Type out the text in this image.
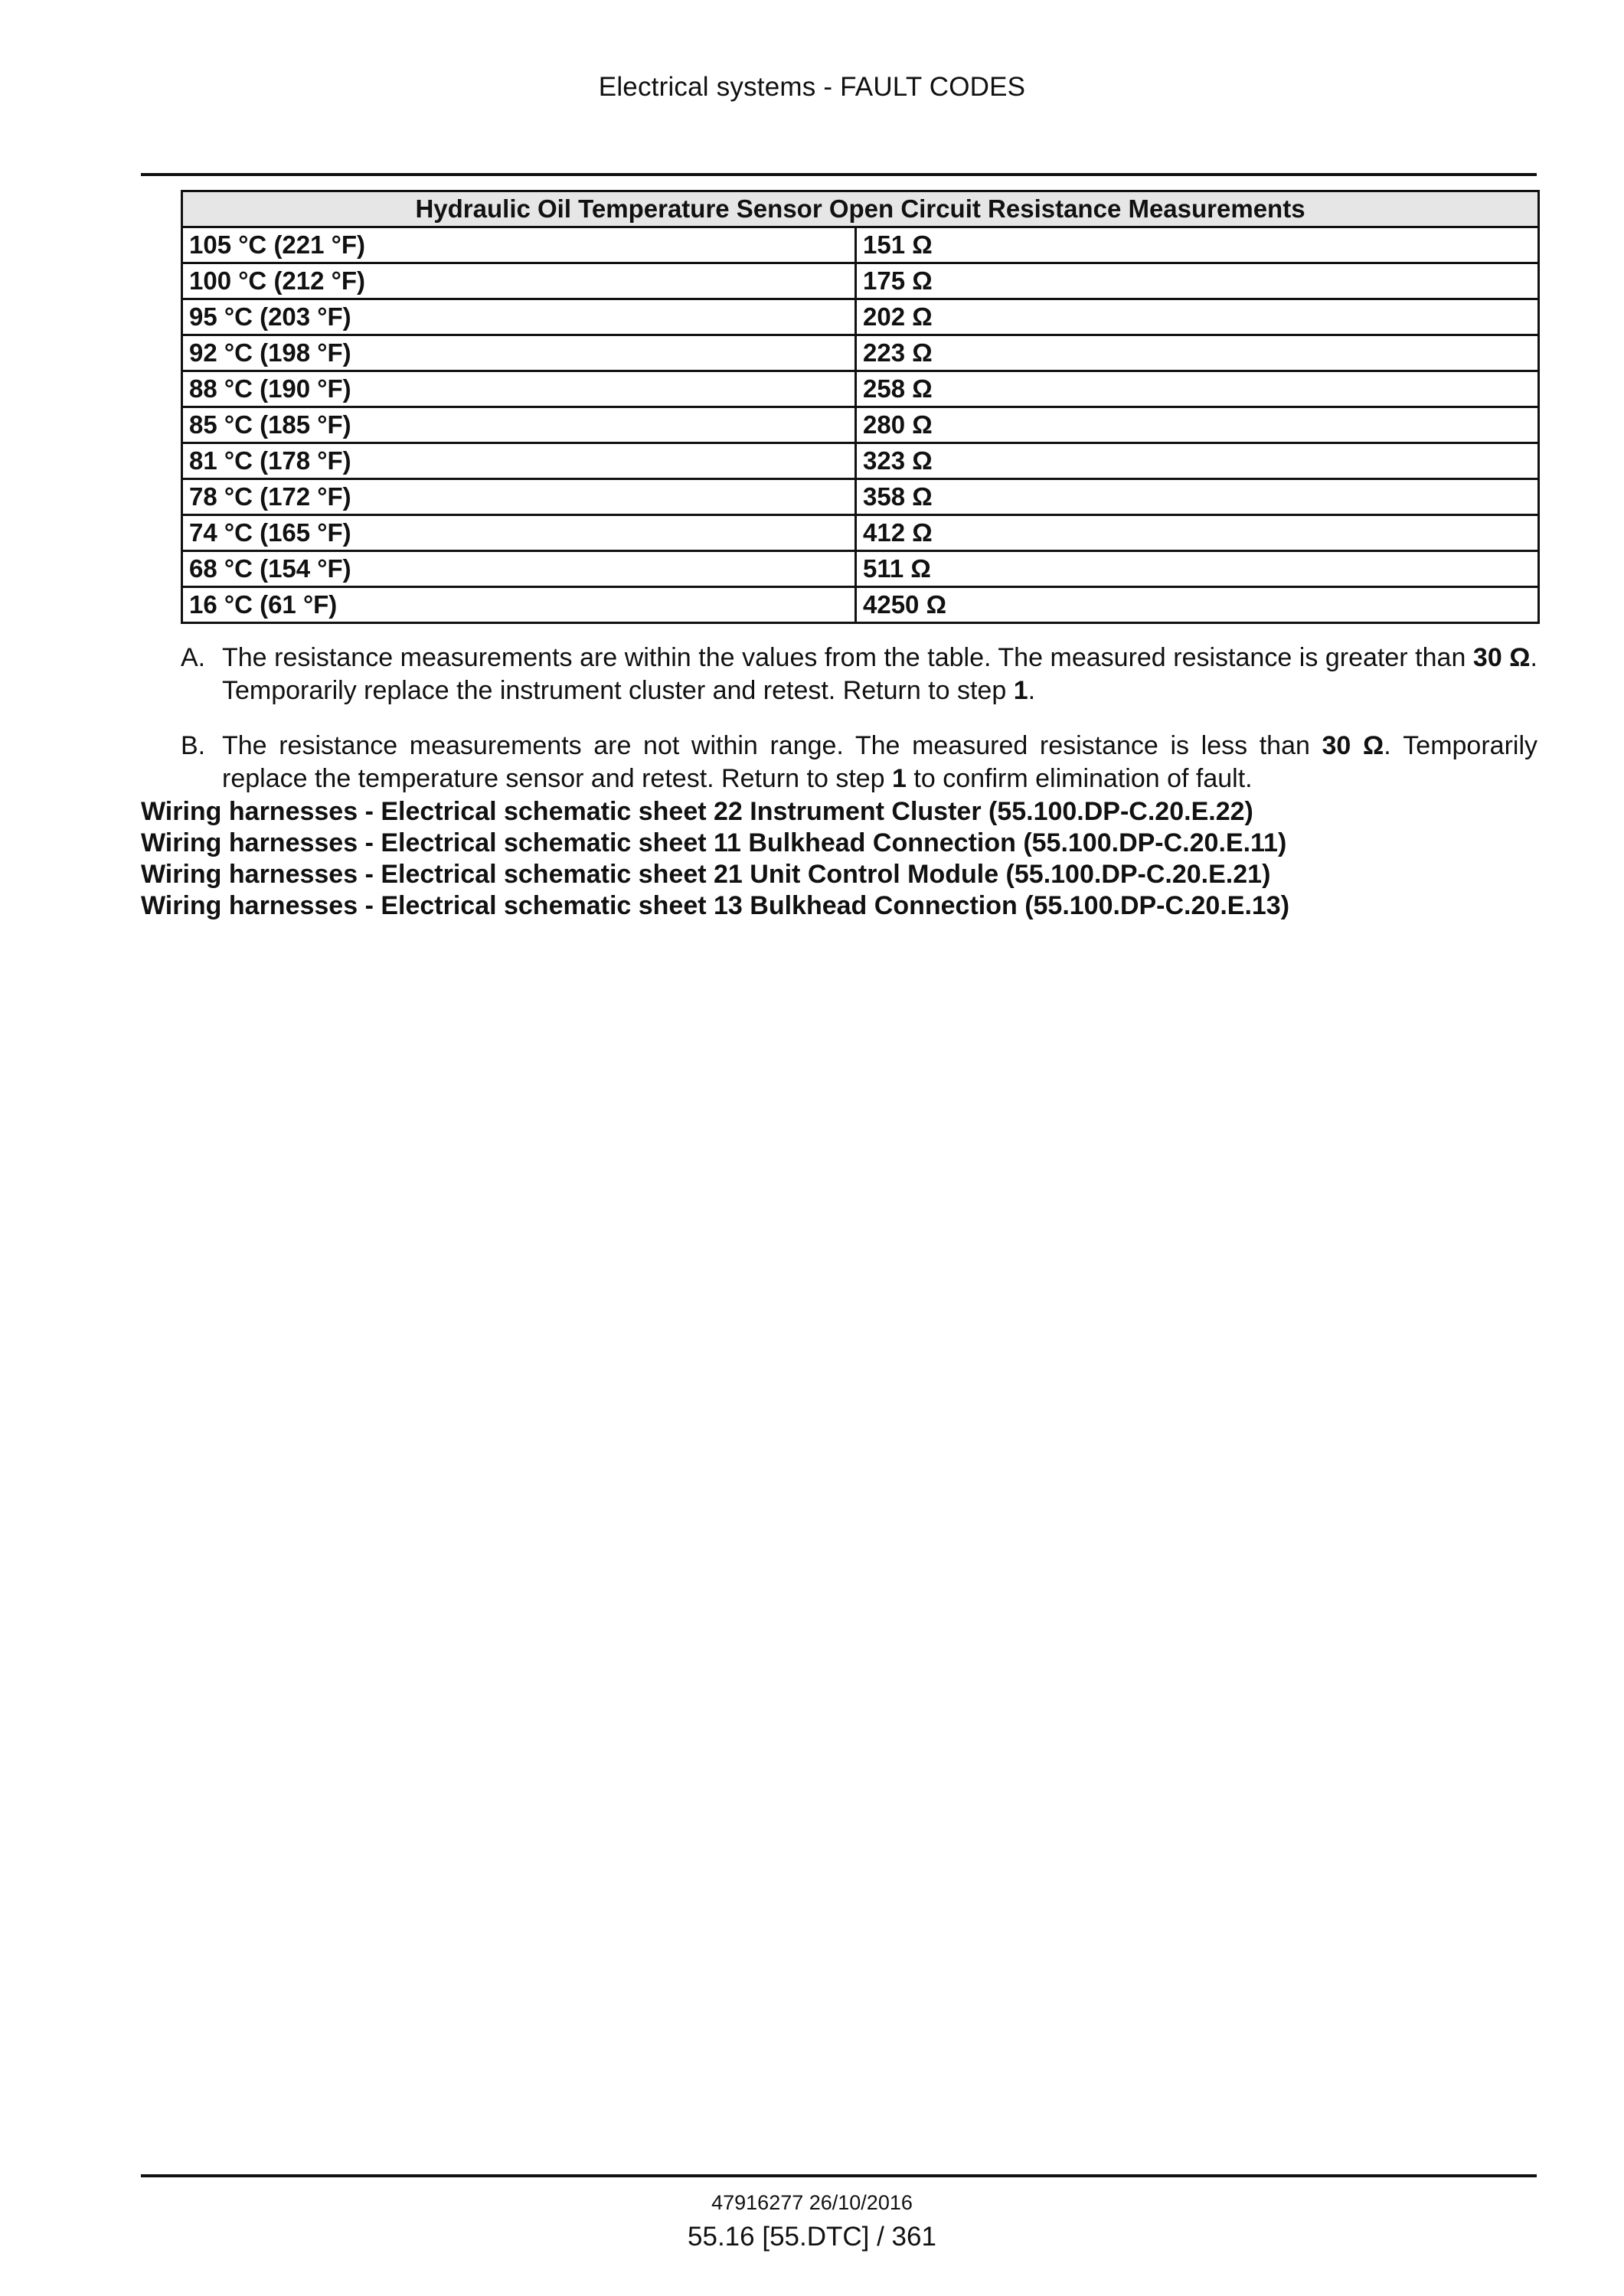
Electrical systems - FAULT CODES
Hydraulic Oil Temperature Sensor Open Circuit Resistance Measurements	
105 °C (221 °F)	151 Ω
100 °C (212 °F)	175 Ω
95 °C (203 °F)	202 Ω
92 °C (198 °F)	223 Ω
88 °C (190 °F)	258 Ω
85 °C (185 °F)	280 Ω
81 °C (178 °F)	323 Ω
78 °C (172 °F)	358 Ω
74 °C (165 °F)	412 Ω
68 °C (154 °F)	511 Ω
16 °C (61 °F)	4250 Ω
A. The resistance measurements are within the values from the table. The measured resistance is greater than 30 Ω. Temporarily replace the instrument cluster and retest. Return to step 1.
B. The resistance measurements are not within range. The measured resistance is less than 30 Ω. Temporarily replace the temperature sensor and retest. Return to step 1 to confirm elimination of fault.
Wiring harnesses - Electrical schematic sheet 22 Instrument Cluster (55.100.DP-C.20.E.22)
Wiring harnesses - Electrical schematic sheet 11 Bulkhead Connection (55.100.DP-C.20.E.11)
Wiring harnesses - Electrical schematic sheet 21 Unit Control Module (55.100.DP-C.20.E.21)
Wiring harnesses - Electrical schematic sheet 13 Bulkhead Connection (55.100.DP-C.20.E.13)
47916277 26/10/2016
55.16 [55.DTC] / 361
